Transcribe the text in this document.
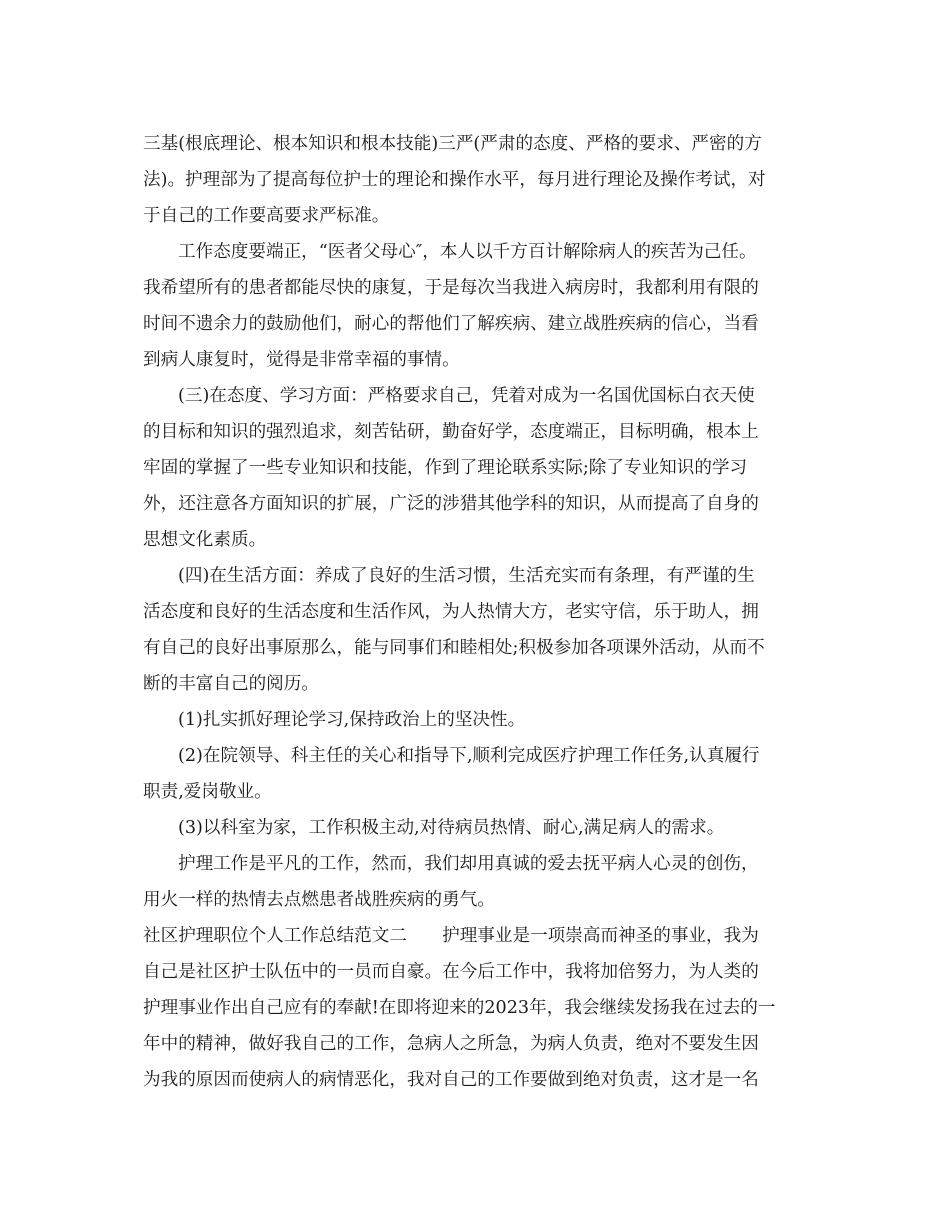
三基(根底理论、根本知识和根本技能)三严(严肃的态度、严格的要求、严密的方
法)。护理部为了提高每位护士的理论和操作水平，每月进行理论及操作考试，对
于自己的工作要高要求严标准。
工作态度要端正，“医者父母心″，本人以千方百计解除病人的疾苦为己任。
我希望所有的患者都能尽快的康复，于是每次当我进入病房时，我都利用有限的
时间不遗余力的鼓励他们，耐心的帮他们了解疾病、建立战胜疾病的信心，当看
到病人康复时，觉得是非常幸福的事情。
(三)在态度、学习方面：严格要求自己，凭着对成为一名国优国标白衣天使
的目标和知识的强烈追求，刻苦钻研，勤奋好学，态度端正，目标明确，根本上
牢固的掌握了一些专业知识和技能，作到了理论联系实际;除了专业知识的学习
外，还注意各方面知识的扩展，广泛的涉猎其他学科的知识，从而提高了自身的
思想文化素质。
(四)在生活方面：养成了良好的生活习惯，生活充实而有条理，有严谨的生
活态度和良好的生活态度和生活作风，为人热情大方，老实守信，乐于助人，拥
有自己的良好出事原那么，能与同事们和睦相处;积极参加各项课外活动，从而不
断的丰富自己的阅历。
(1)扎实抓好理论学习,保持政治上的坚决性。
(2)在院领导、科主任的关心和指导下,顺利完成医疗护理工作任务,认真履行
职责,爱岗敬业。
(3)以科室为家，工作积极主动,对待病员热情、耐心,满足病人的需求。
护理工作是平凡的工作，然而，我们却用真诚的爱去抚平病人心灵的创伤，
用火一样的热情去点燃患者战胜疾病的勇气。
社区护理职位个人工作总结范文二　　护理事业是一项崇高而神圣的事业，我为
自己是社区护士队伍中的一员而自豪。在今后工作中，我将加倍努力，为人类的
护理事业作出自己应有的奉献!在即将迎来的2023年，我会继续发扬我在过去的一
年中的精神，做好我自己的工作，急病人之所急，为病人负责，绝对不要发生因
为我的原因而使病人的病情恶化，我对自己的工作要做到绝对负责，这才是一名
